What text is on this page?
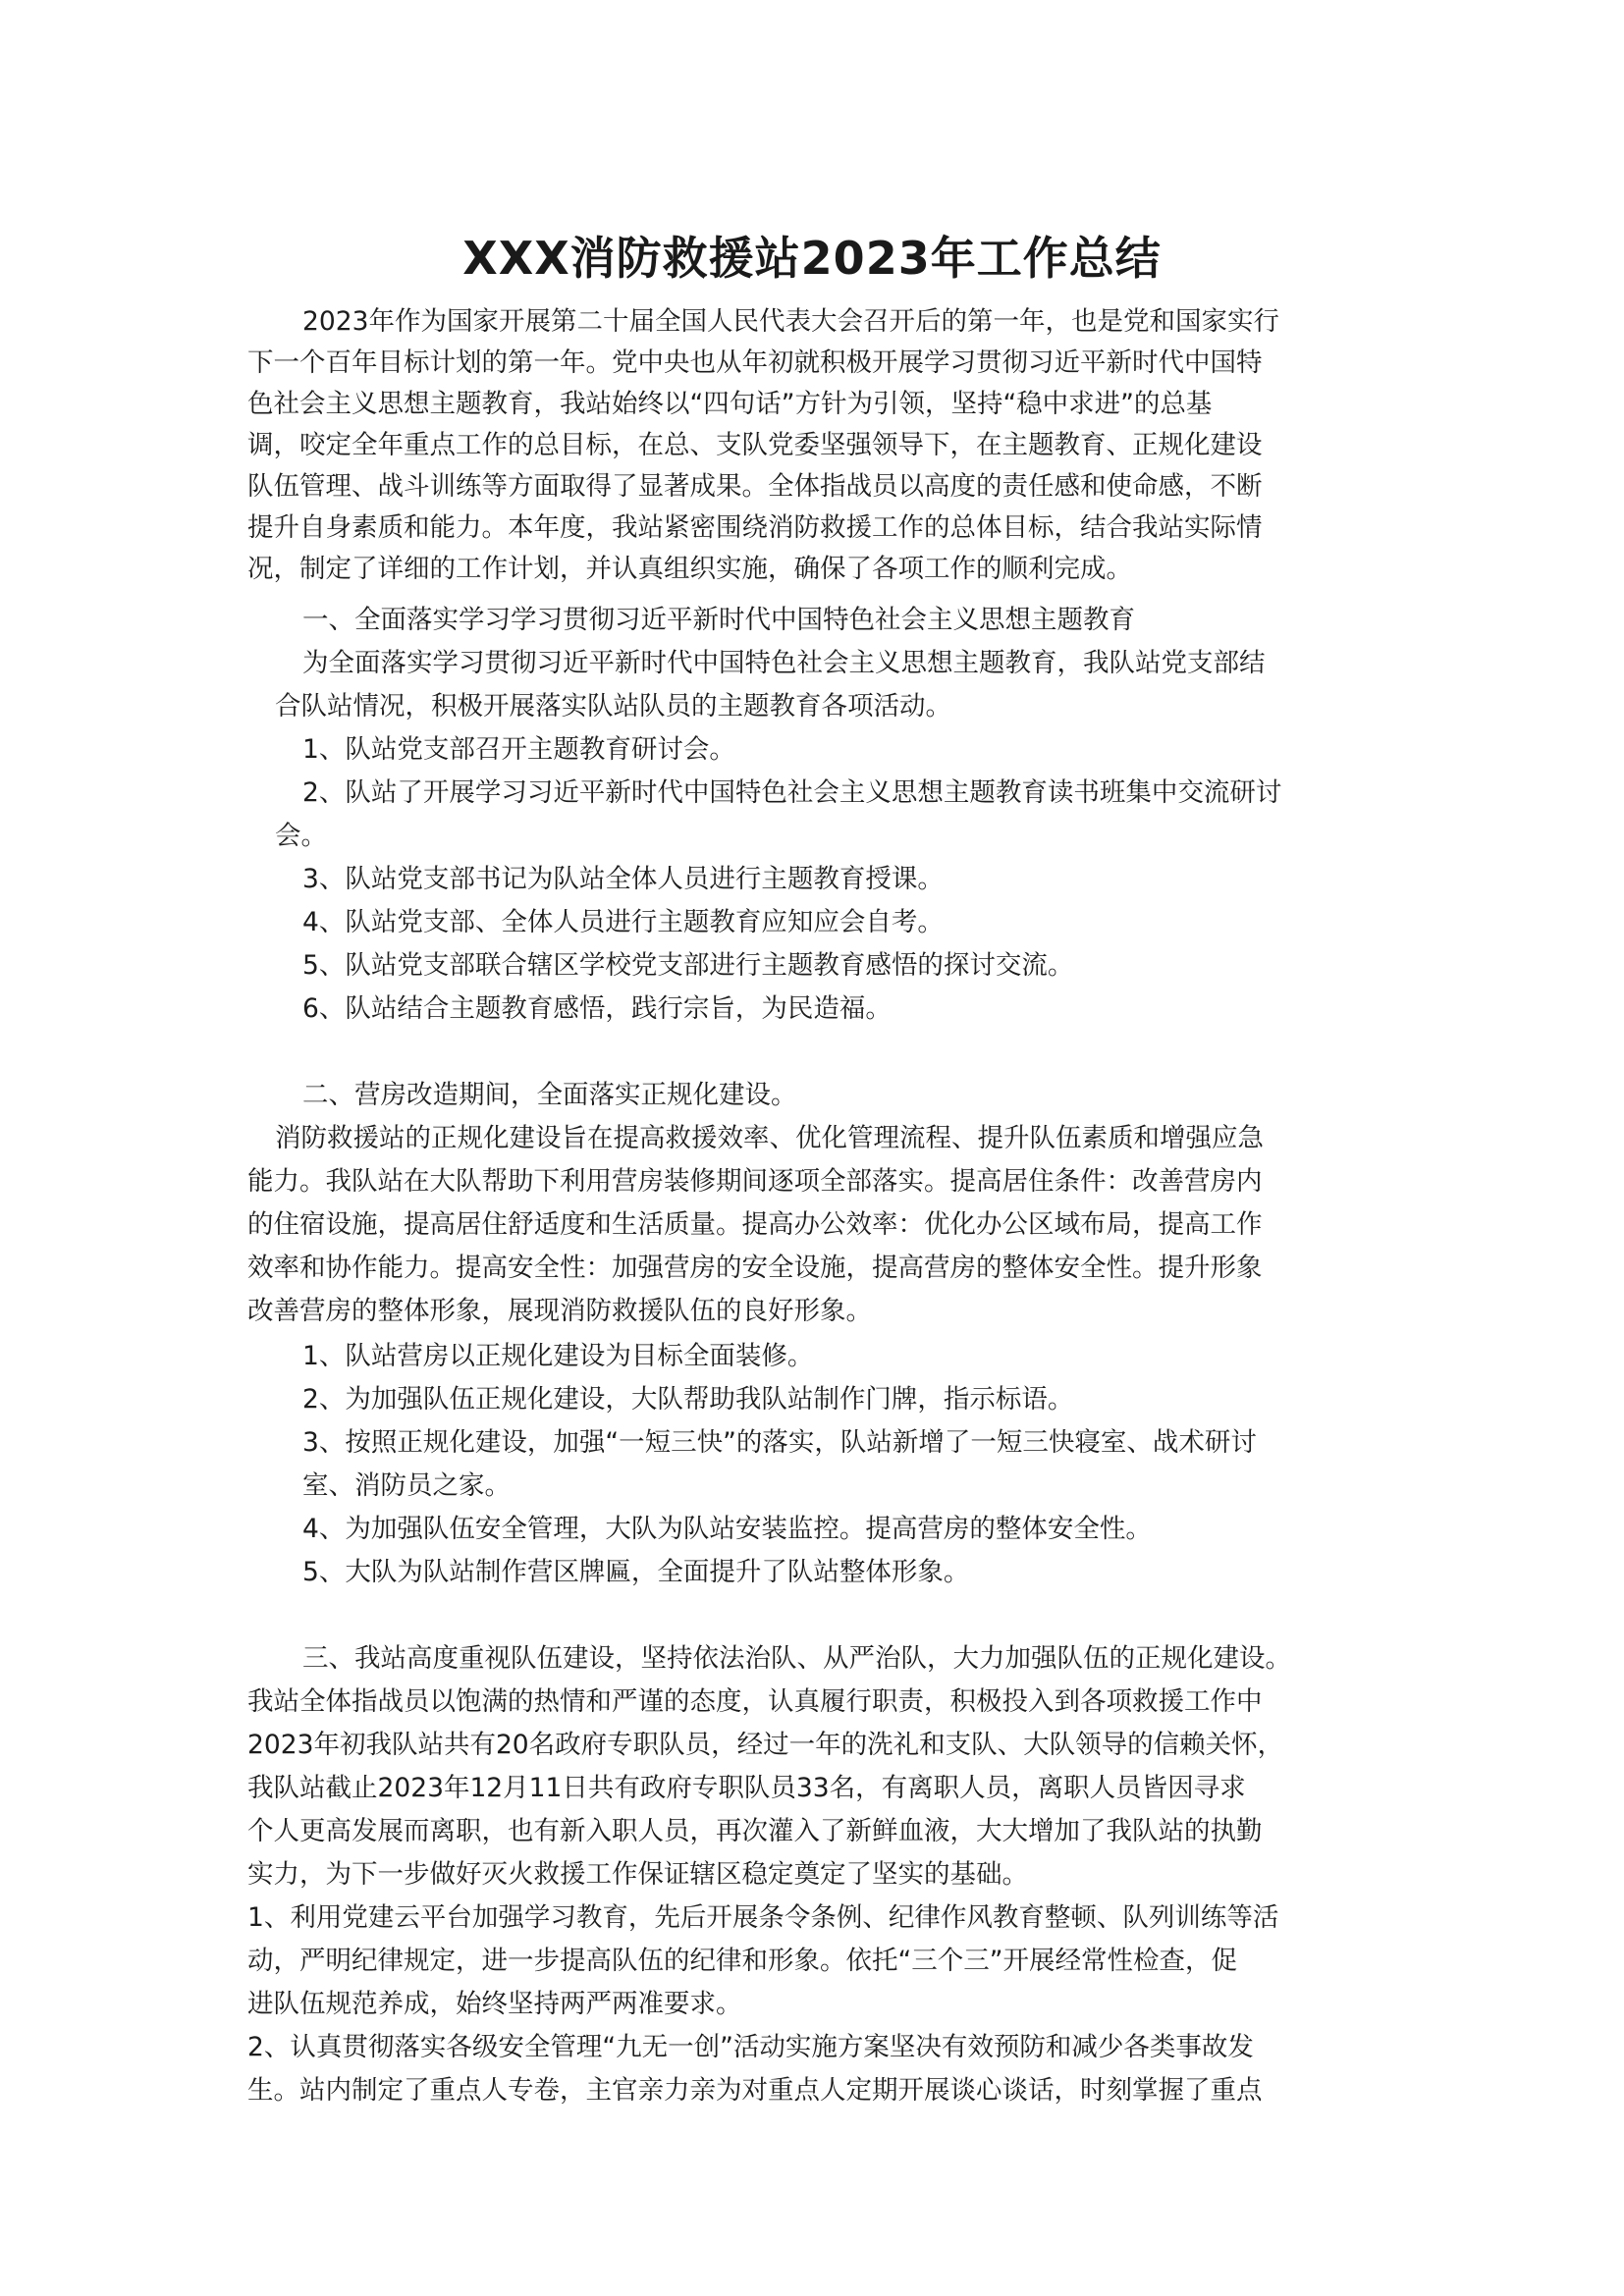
XXX消防救援站2023年工作总结
2023年作为国家开展第二十届全国人民代表大会召开后的第一年，也是党和国家实行
下一个百年目标计划的第一年。党中央也从年初就积极开展学习贯彻习近平新时代中国特
色社会主义思想主题教育，我站始终以“四句话”方针为引领，坚持“稳中求进”的总基
调，咬定全年重点工作的总目标，在总、支队党委坚强领导下，在主题教育、正规化建设
队伍管理、战斗训练等方面取得了显著成果。全体指战员以高度的责任感和使命感，不断
提升自身素质和能力。本年度，我站紧密围绕消防救援工作的总体目标，结合我站实际情
况，制定了详细的工作计划，并认真组织实施，确保了各项工作的顺利完成。
一、全面落实学习学习贯彻习近平新时代中国特色社会主义思想主题教育
为全面落实学习贯彻习近平新时代中国特色社会主义思想主题教育，我队站党支部结
合队站情况，积极开展落实队站队员的主题教育各项活动。
1、队站党支部召开主题教育研讨会。
2、队站了开展学习习近平新时代中国特色社会主义思想主题教育读书班集中交流研讨
会。
3、队站党支部书记为队站全体人员进行主题教育授课。
4、队站党支部、全体人员进行主题教育应知应会自考。
5、队站党支部联合辖区学校党支部进行主题教育感悟的探讨交流。
6、队站结合主题教育感悟，践行宗旨，为民造福。
二、营房改造期间，全面落实正规化建设。
消防救援站的正规化建设旨在提高救援效率、优化管理流程、提升队伍素质和增强应急
能力。我队站在大队帮助下利用营房装修期间逐项全部落实。提高居住条件：改善营房内
的住宿设施，提高居住舒适度和生活质量。提高办公效率：优化办公区域布局，提高工作
效率和协作能力。提高安全性：加强营房的安全设施，提高营房的整体安全性。提升形象
改善营房的整体形象，展现消防救援队伍的良好形象。
1、队站营房以正规化建设为目标全面装修。
2、为加强队伍正规化建设，大队帮助我队站制作门牌，指示标语。
3、按照正规化建设，加强“一短三快”的落实，队站新增了一短三快寝室、战术研讨
室、消防员之家。
4、为加强队伍安全管理，大队为队站安装监控。提高营房的整体安全性。
5、大队为队站制作营区牌匾，全面提升了队站整体形象。
三、我站高度重视队伍建设，坚持依法治队、从严治队，大力加强队伍的正规化建设。
我站全体指战员以饱满的热情和严谨的态度，认真履行职责，积极投入到各项救援工作中
2023年初我队站共有20名政府专职队员，经过一年的洗礼和支队、大队领导的信赖关怀，
我队站截止2023年12月11日共有政府专职队员33名，有离职人员，离职人员皆因寻求
个人更高发展而离职，也有新入职人员，再次灌入了新鲜血液，大大增加了我队站的执勤
实力，为下一步做好灭火救援工作保证辖区稳定奠定了坚实的基础。
1、利用党建云平台加强学习教育，先后开展条令条例、纪律作风教育整顿、队列训练等活
动，严明纪律规定，进一步提高队伍的纪律和形象。依托“三个三”开展经常性检查，促
进队伍规范养成，始终坚持两严两准要求。
2、认真贯彻落实各级安全管理“九无一创”活动实施方案坚决有效预防和减少各类事故发
生。站内制定了重点人专卷，主官亲力亲为对重点人定期开展谈心谈话，时刻掌握了重点
